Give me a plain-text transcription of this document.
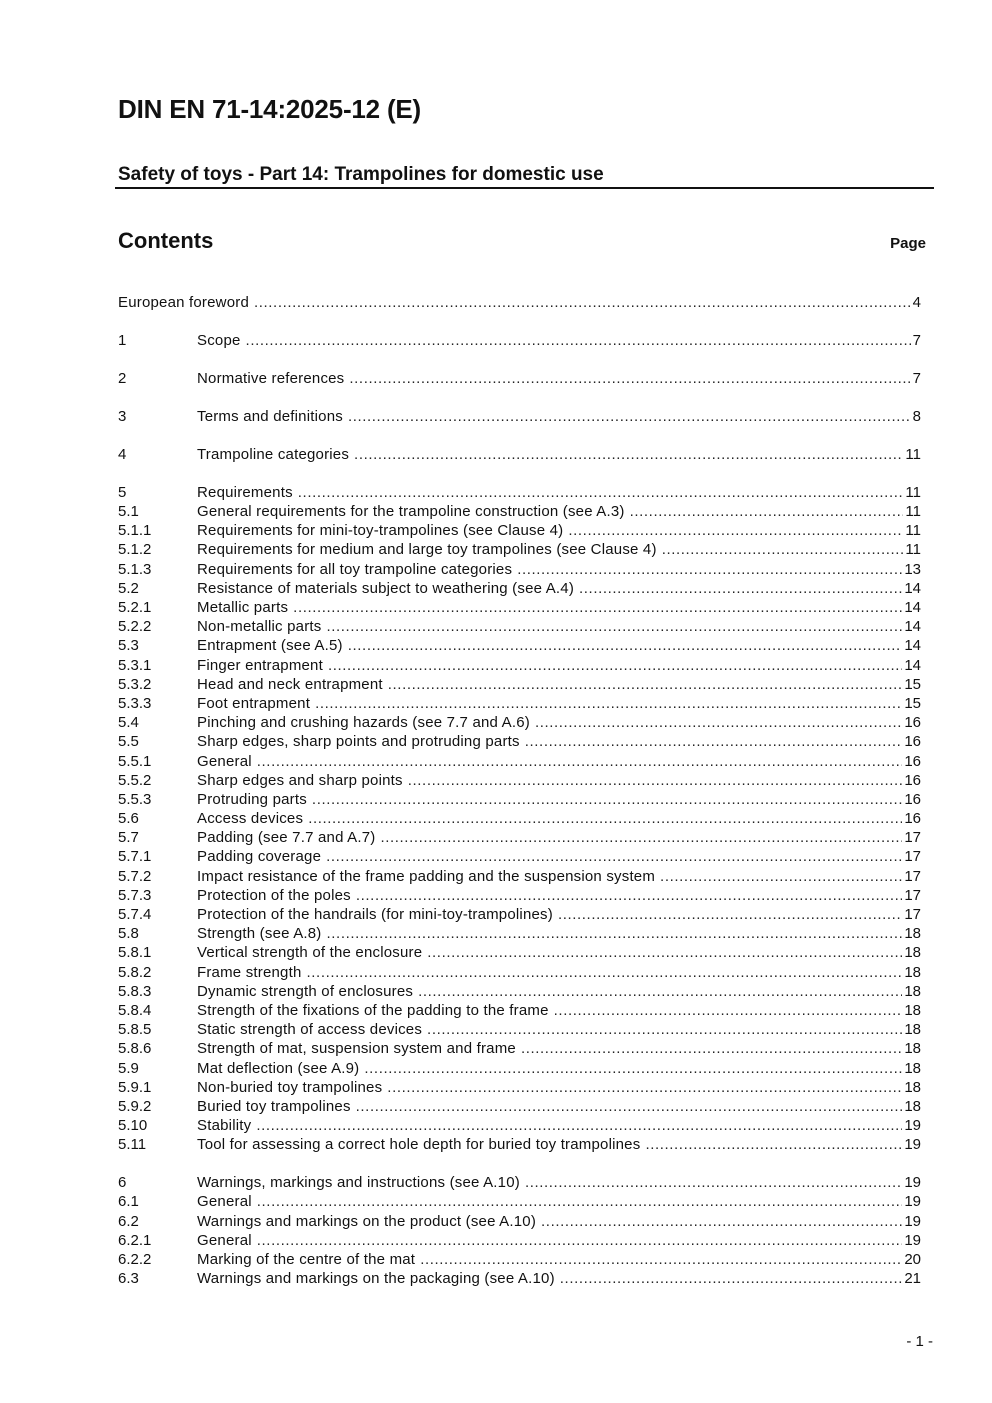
DIN EN 71-14:2025-12 (E)
Safety of toys - Part 14: Trampolines for domestic use
Contents	Page
European foreword .....	4
1	Scope .....	7
2	Normative references .....	7
3	Terms and definitions .....	8
4	Trampoline categories .....	11
5	Requirements .....	11
5.1	General requirements for the trampoline construction (see A.3) .....	11
5.1.1	Requirements for mini-toy-trampolines (see Clause 4) .....	11
5.1.2	Requirements for medium and large toy trampolines (see Clause 4) .....	11
5.1.3	Requirements for all toy trampoline categories .....	13
5.2	Resistance of materials subject to weathering (see A.4) .....	14
5.2.1	Metallic parts .....	14
5.2.2	Non-metallic parts .....	14
5.3	Entrapment (see A.5) .....	14
5.3.1	Finger entrapment .....	14
5.3.2	Head and neck entrapment .....	15
5.3.3	Foot entrapment .....	15
5.4	Pinching and crushing hazards (see 7.7 and A.6) .....	16
5.5	Sharp edges, sharp points and protruding parts .....	16
5.5.1	General .....	16
5.5.2	Sharp edges and sharp points .....	16
5.5.3	Protruding parts .....	16
5.6	Access devices .....	16
5.7	Padding (see 7.7 and A.7) .....	17
5.7.1	Padding coverage .....	17
5.7.2	Impact resistance of the frame padding and the suspension system .....	17
5.7.3	Protection of the poles .....	17
5.7.4	Protection of the handrails (for mini-toy-trampolines) .....	17
5.8	Strength (see A.8) .....	18
5.8.1	Vertical strength of the enclosure .....	18
5.8.2	Frame strength .....	18
5.8.3	Dynamic strength of enclosures .....	18
5.8.4	Strength of the fixations of the padding to the frame .....	18
5.8.5	Static strength of access devices .....	18
5.8.6	Strength of mat, suspension system and frame .....	18
5.9	Mat deflection (see A.9) .....	18
5.9.1	Non-buried toy trampolines .....	18
5.9.2	Buried toy trampolines .....	18
5.10	Stability .....	19
5.11	Tool for assessing a correct hole depth for buried toy trampolines .....	19
6	Warnings, markings and instructions (see A.10) .....	19
6.1	General .....	19
6.2	Warnings and markings on the product (see A.10) .....	19
6.2.1	General .....	19
6.2.2	Marking of the centre of the mat .....	20
6.3	Warnings and markings on the packaging (see A.10) .....	21
- 1 -
